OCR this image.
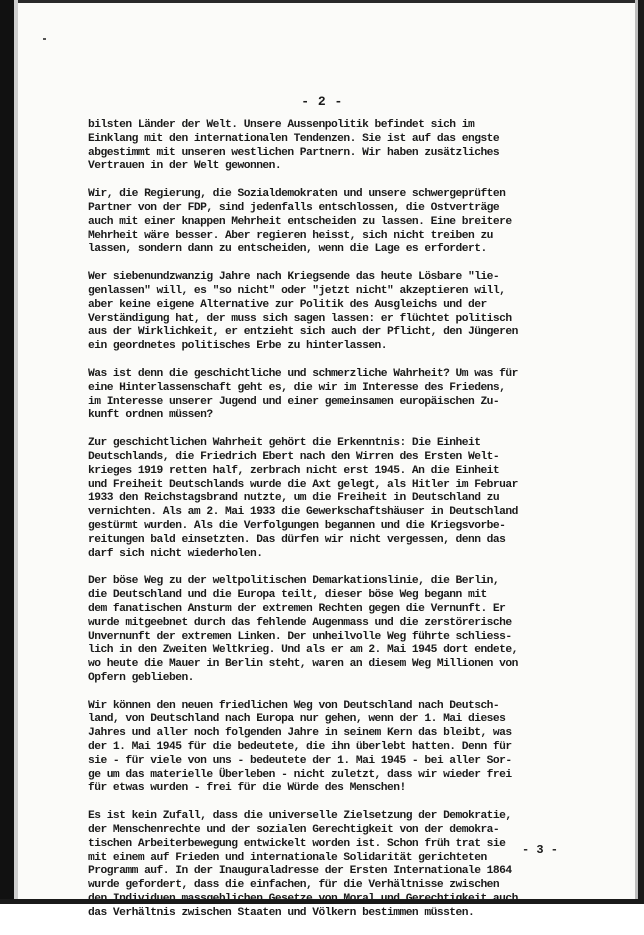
- 2 -
bilsten Länder der Welt. Unsere Aussenpolitik befindet sich im
Einklang mit den internationalen Tendenzen. Sie ist auf das engste
abgestimmt mit unseren westlichen Partnern. Wir haben zusätzliches
Vertrauen in der Welt gewonnen.
Wir, die Regierung, die Sozialdemokraten und unsere schwergeprüften
Partner von der FDP, sind jedenfalls entschlossen, die Ostverträge
auch mit einer knappen Mehrheit entscheiden zu lassen. Eine breitere
Mehrheit wäre besser. Aber regieren heisst, sich nicht treiben zu
lassen, sondern dann zu entscheiden, wenn die Lage es erfordert.
Wer siebenundzwanzig Jahre nach Kriegsende das heute Lösbare "lie-
genlassen" will, es "so nicht" oder "jetzt nicht" akzeptieren will,
aber keine eigene Alternative zur Politik des Ausgleichs und der
Verständigung hat, der muss sich sagen lassen: er flüchtet politisch
aus der Wirklichkeit, er entzieht sich auch der Pflicht, den Jüngeren
ein geordnetes politisches Erbe zu hinterlassen.
Was ist denn die geschichtliche und schmerzliche Wahrheit? Um was für
eine Hinterlassenschaft geht es, die wir im Interesse des Friedens,
im Interesse unserer Jugend und einer gemeinsamen europäischen Zu-
kunft ordnen müssen?
Zur geschichtlichen Wahrheit gehört die Erkenntnis: Die Einheit
Deutschlands, die Friedrich Ebert nach den Wirren des Ersten Welt-
krieges 1919 retten half, zerbrach nicht erst 1945. An die Einheit
und Freiheit Deutschlands wurde die Axt gelegt, als Hitler im Februar
1933 den Reichstagsbrand nutzte, um die Freiheit in Deutschland zu
vernichten. Als am 2. Mai 1933 die Gewerkschaftshäuser in Deutschland
gestürmt wurden. Als die Verfolgungen begannen und die Kriegsvorbe-
reitungen bald einsetzten. Das dürfen wir nicht vergessen, denn das
darf sich nicht wiederholen.
Der böse Weg zu der weltpolitischen Demarkationslinie, die Berlin,
die Deutschland und die Europa teilt, dieser böse Weg begann mit
dem fanatischen Ansturm der extremen Rechten gegen die Vernunft. Er
wurde mitgeebnet durch das fehlende Augenmass und die zerstörerische
Unvernunft der extremen Linken. Der unheilvolle Weg führte schliess-
lich in den Zweiten Weltkrieg. Und als er am 2. Mai 1945 dort endete,
wo heute die Mauer in Berlin steht, waren an diesem Weg Millionen von
Opfern geblieben.
Wir können den neuen friedlichen Weg von Deutschland nach Deutsch-
land, von Deutschland nach Europa nur gehen, wenn der 1. Mai dieses
Jahres und aller noch folgenden Jahre in seinem Kern das bleibt, was
der 1. Mai 1945 für die bedeutete, die ihn überlebt hatten. Denn für
sie - für viele von uns - bedeutete der 1. Mai 1945 - bei aller Sor-
ge um das materielle Überleben - nicht zuletzt, dass wir wieder frei
für etwas wurden - frei für die Würde des Menschen!
Es ist kein Zufall, dass die universelle Zielsetzung der Demokratie,
der Menschenrechte und der sozialen Gerechtigkeit von der demokra-
tischen Arbeiterbewegung entwickelt worden ist. Schon früh trat sie
mit einem auf Frieden und internationale Solidarität gerichteten
Programm auf. In der Inauguraladresse der Ersten Internationale 1864
wurde gefordert, dass die einfachen, für die Verhältnisse zwischen
den Individuen massgeblichen Gesetze von Moral und Gerechtigkeit auch
das Verhältnis zwischen Staaten und Völkern bestimmen müssten.
- 3 -
